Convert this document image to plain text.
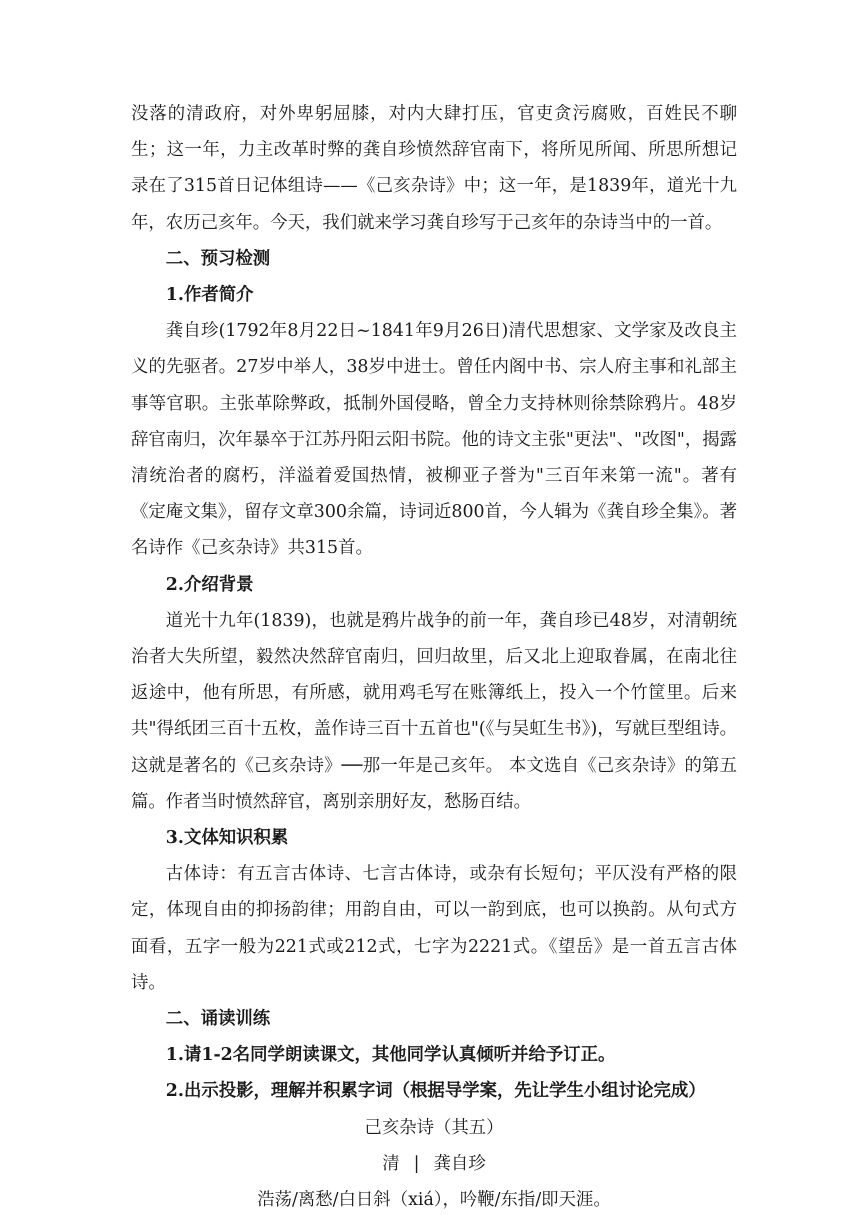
没落的清政府，对外卑躬屈膝，对内大肆打压，官吏贪污腐败，百姓民不聊生；这一年，力主改革时弊的龚自珍愤然辞官南下，将所见所闻、所思所想记录在了315首日记体组诗——《己亥杂诗》中；这一年，是1839年，道光十九年，农历己亥年。今天，我们就来学习龚自珍写于己亥年的杂诗当中的一首。

二、预习检测

1.作者简介

龚自珍(1792年8月22日~1841年9月26日)清代思想家、文学家及改良主义的先驱者。27岁中举人，38岁中进士。曾任内阁中书、宗人府主事和礼部主事等官职。主张革除弊政，抵制外国侵略，曾全力支持林则徐禁除鸦片。48岁辞官南归，次年暴卒于江苏丹阳云阳书院。他的诗文主张"更法"、"改图"，揭露清统治者的腐朽，洋溢着爱国热情，被柳亚子誉为"三百年来第一流"。著有《定庵文集》，留存文章300余篇，诗词近800首，今人辑为《龚自珍全集》。著名诗作《己亥杂诗》共315首。

2.介绍背景

道光十九年(1839)，也就是鸦片战争的前一年，龚自珍已48岁，对清朝统治者大失所望，毅然决然辞官南归，回归故里，后又北上迎取眷属，在南北往返途中，他有所思，有所感，就用鸡毛写在账簿纸上，投入一个竹筐里。后来共"得纸团三百十五枚，盖作诗三百十五首也"(《与吴虹生书》)，写就巨型组诗。这就是著名的《己亥杂诗》──那一年是己亥年。 本文选自《己亥杂诗》的第五篇。作者当时愤然辞官，离别亲朋好友，愁肠百结。

3.文体知识积累

古体诗：有五言古体诗、七言古体诗，或杂有长短句；平仄没有严格的限定，体现自由的抑扬韵律；用韵自由，可以一韵到底，也可以换韵。从句式方面看，五字一般为221式或212式，七字为2221式。《望岳》是一首五言古体诗。

二、诵读训练

1.请1-2名同学朗读课文，其他同学认真倾听并给予订正。

2.出示投影，理解并积累字词（根据导学案，先让学生小组讨论完成）

己亥杂诗（其五）

清 | 龚自珍

浩荡/离愁/白日斜（xiá），吟鞭/东指/即天涯。
